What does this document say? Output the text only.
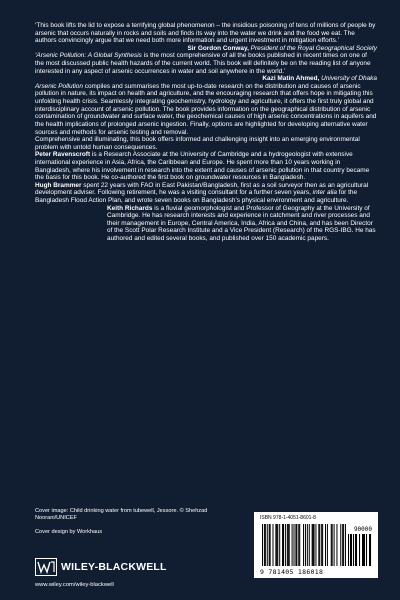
‘This book lifts the lid to expose a terrifying global phenomenon – the insidious poisoning of tens of millions of people by arsenic that occurs naturally in rocks and soils and finds its way into the water we drink and the food we eat. The authors convincingly argue that we need both more information and urgent investment in mitigation efforts.’

Sir Gordon Conway, President of the Royal Geographical Society

‘Arsenic Pollution: A Global Synthesis is the most comprehensive of all the books published in recent times on one of the most discussed public health hazards of the current world. This book will definitely be on the reading list of anyone interested in any aspect of arsenic occurrences in water and soil anywhere in the world.’

Kazi Matin Ahmed, University of Dhaka

Arsenic Pollution compiles and summarises the most up-to-date research on the distribution and causes of arsenic pollution in nature, its impact on health and agriculture, and the encouraging research that offers hope in mitigating this unfolding health crisis. Seamlessly integrating geochemistry, hydrology and agriculture, it offers the first truly global and interdisciplinary account of arsenic pollution. The book provides information on the geographical distribution of arsenic contamination of groundwater and surface water, the geochemical causes of high arsenic concentrations in aquifers and the health implications of prolonged arsenic ingestion. Finally, options are highlighted for developing alternative water sources and methods for arsenic testing and removal.

Comprehensive and illuminating, this book offers informed and challenging insight into an emerging environmental problem with untold human consequences.

Peter Ravenscroft is a Research Associate at the University of Cambridge and a hydrogeologist with extensive international experience in Asia, Africa, the Caribbean and Europe. He spent more than 10 years working in Bangladesh, where his involvement in research into the extent and causes of arsenic pollution in that country became the basis for this book. He co-authored the first book on groundwater resources in Bangladesh.

Hugh Brammer spent 22 years with FAO in East Pakistan/Bangladesh, first as a soil surveyor then as an agricultural development adviser. Following retirement, he was a visiting consultant for a further seven years, inter alia for the Bangladesh Flood Action Plan, and wrote seven books on Bangladesh’s physical environment and agriculture.

Keith Richards is a fluvial geomorphologist and Professor of Geography at the University of Cambridge. He has research interests and experience in catchment and river processes and their management in Europe, Central America, India, Africa and China, and has been Director of the Scott Polar Research Institute and a Vice President (Research) of the RGS-IBG. He has authored and edited several books, and published over 150 academic papers.

Cover image: Child drinking water from tubewell, Jessore. © Shehzad Noorani/UNICEF

Cover design by Workhaus

WILEY-BLACKWELL
www.wiley.com/wiley-blackwell
ISBN 978-1-4051-8601-8
90000
9 781405 186018
